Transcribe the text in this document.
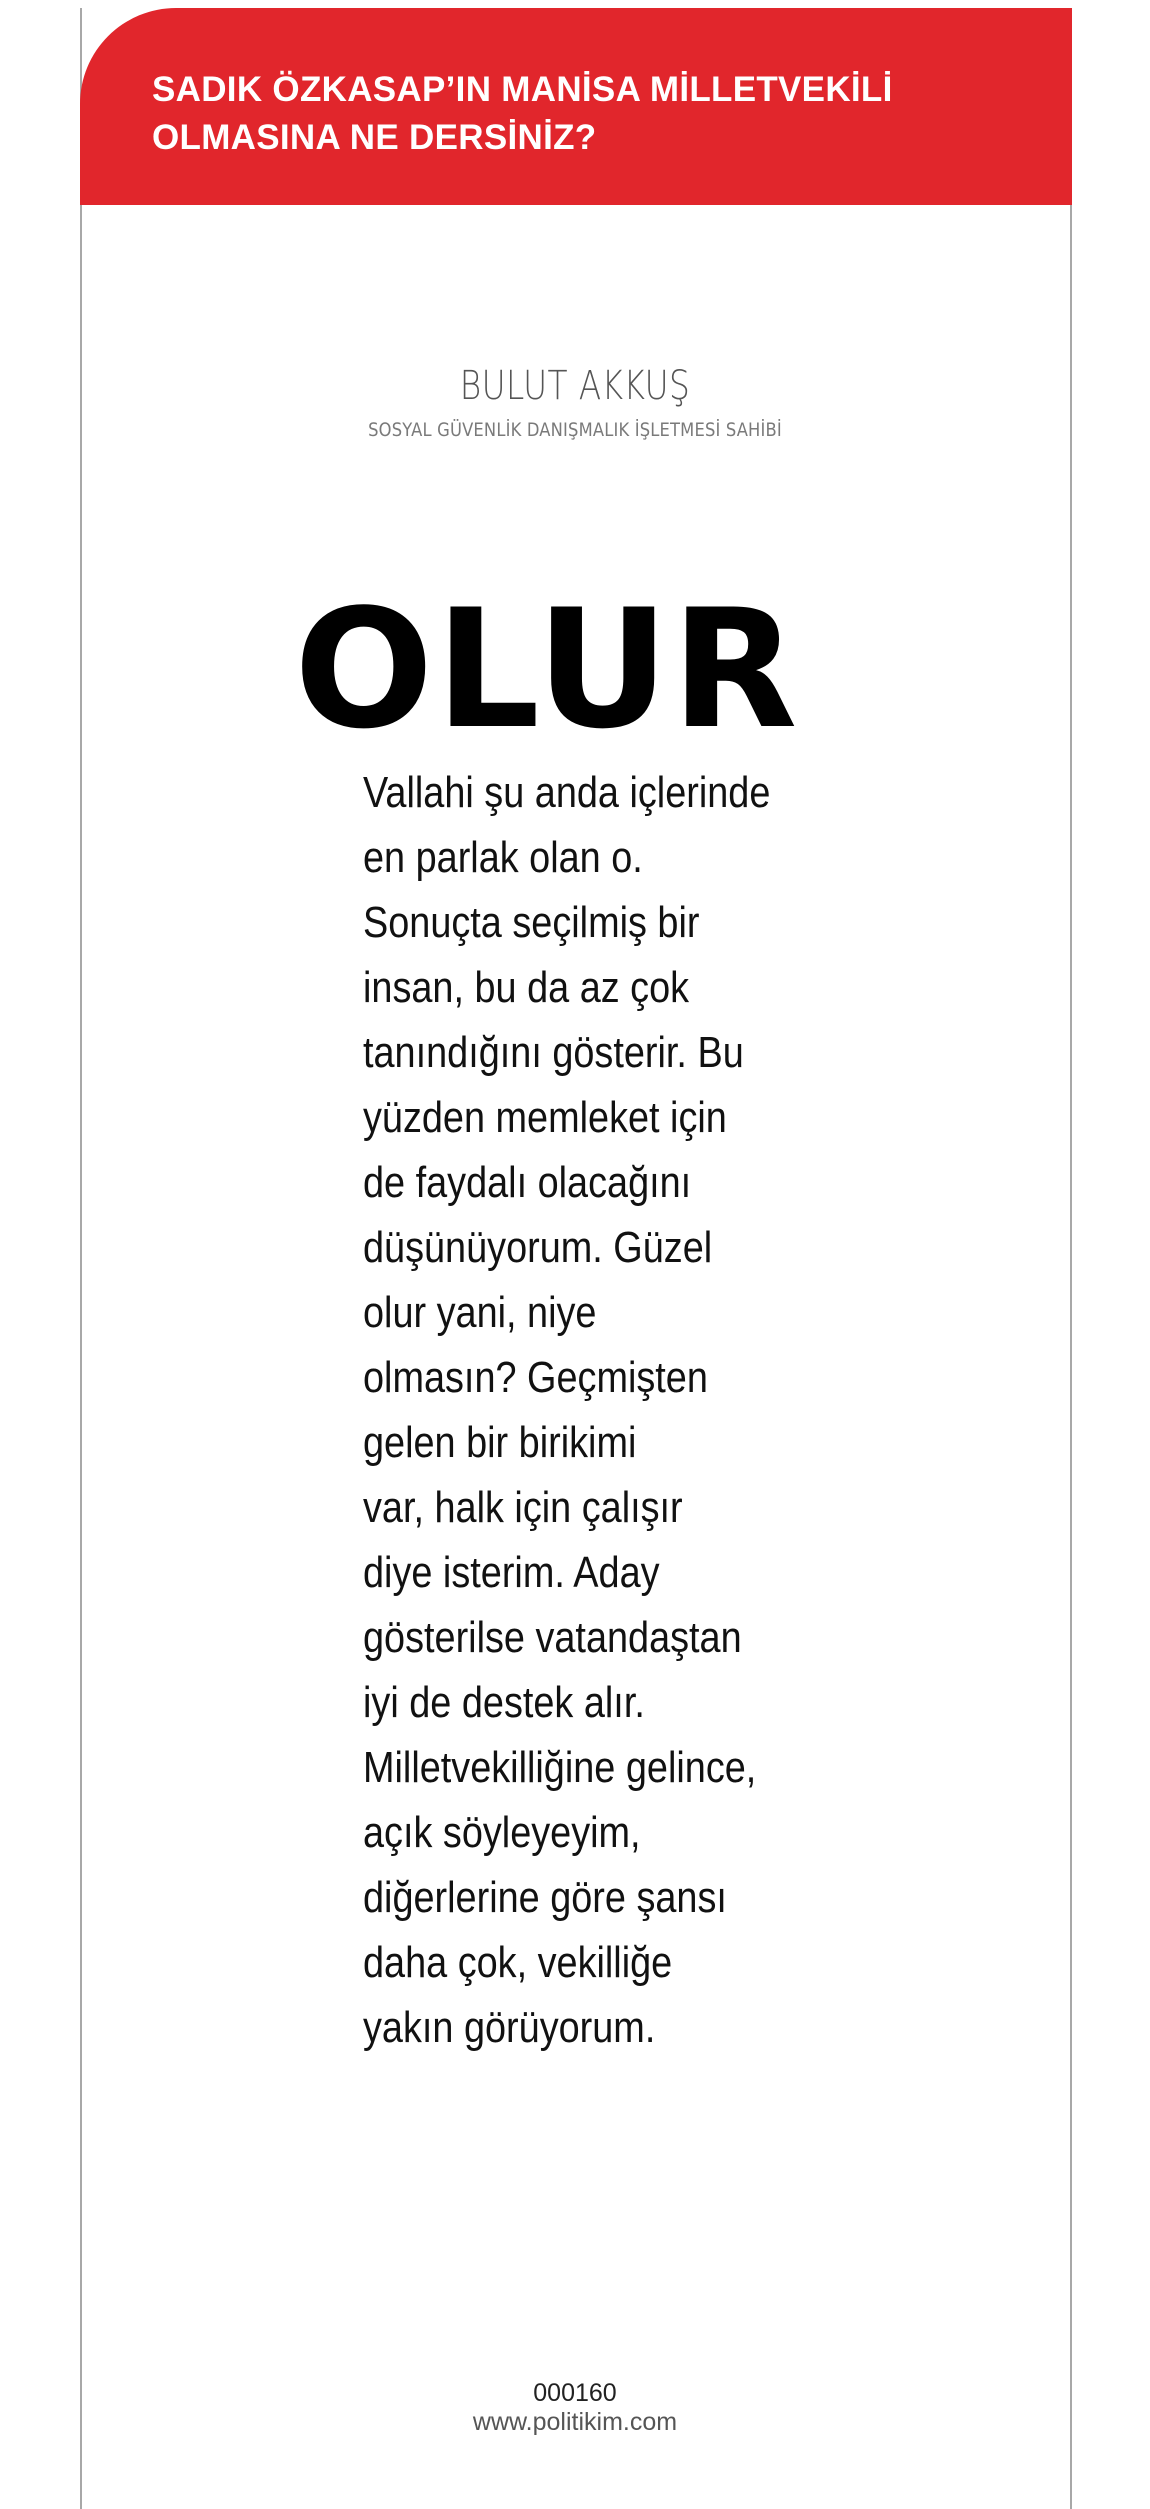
SADIK ÖZKASAP’IN MANİSA MİLLETVEKİLİ
OLMASINA NE DERSİNİZ?
BULUT AKKUŞ
SOSYAL GÜVENLİK DANIŞMALIK İŞLETMESİ SAHİBİ
OLUR
Vallahi şu anda içlerinde
en parlak olan o.
Sonuçta seçilmiş bir
insan, bu da az çok
tanındığını gösterir. Bu
yüzden memleket için
de faydalı olacağını
düşünüyorum. Güzel
olur yani, niye
olmasın? Geçmişten
gelen bir birikimi
var, halk için çalışır
diye isterim. Aday
gösterilse vatandaştan
iyi de destek alır.
Milletvekilliğine gelince,
açık söyleyeyim,
diğerlerine göre şansı
daha çok, vekilliğe
yakın görüyorum.
000160
www.politikim.com
